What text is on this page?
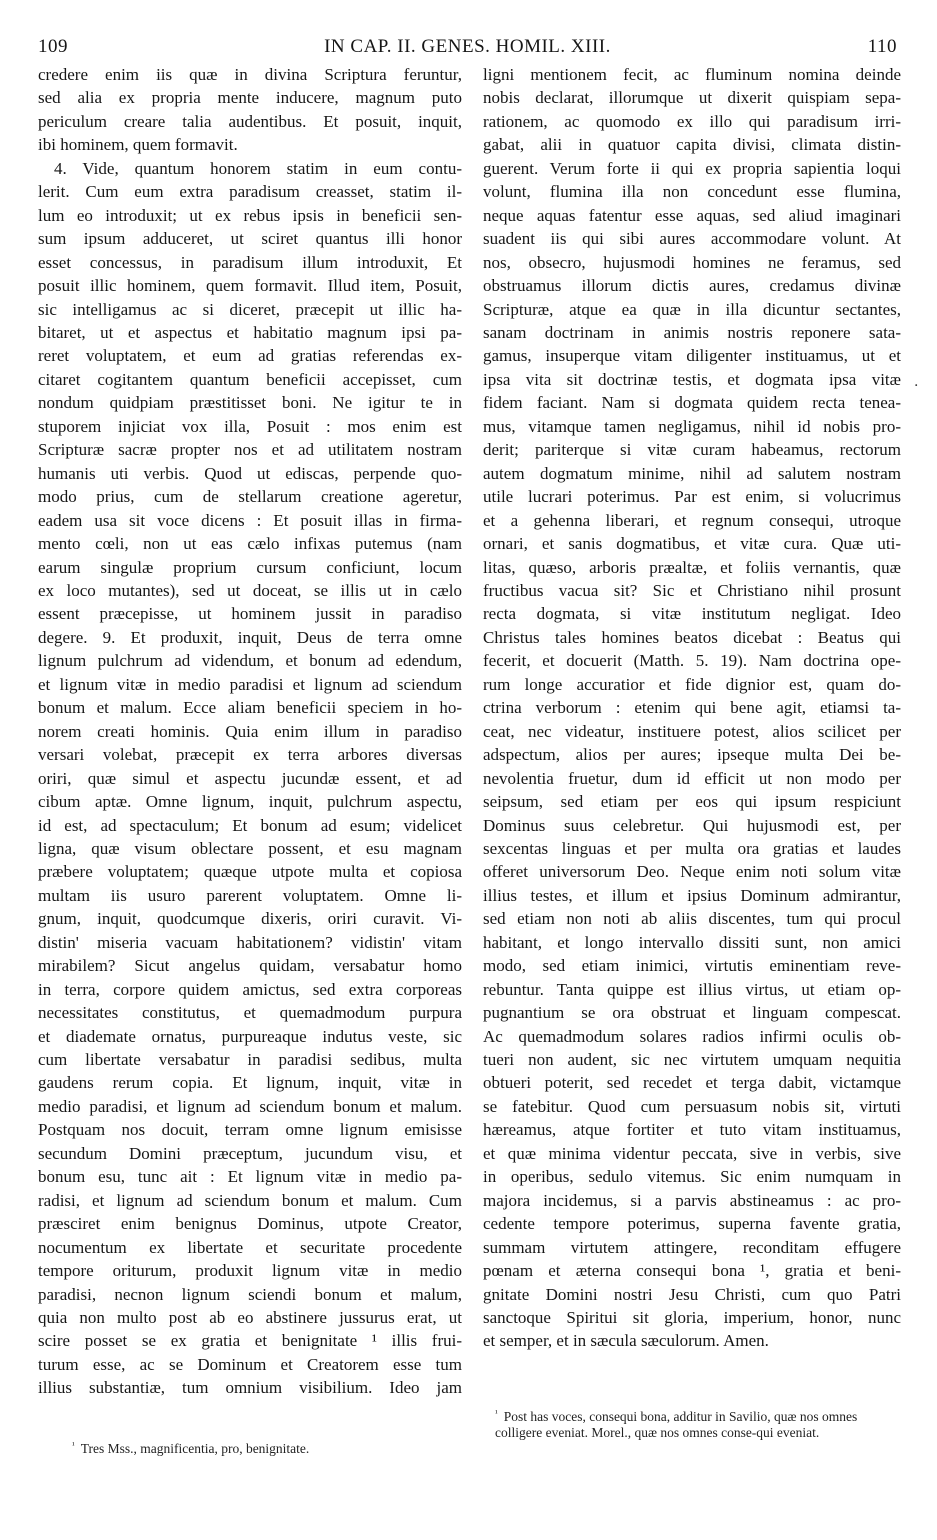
109	IN CAP. II. GENES. HOMIL. XIII.	110
credere enim iis quæ in divina Scriptura feruntur,
sed alia ex propria mente inducere, magnum puto
periculum creare talia audentibus. Et posuit, inquit,
ibi hominem, quem formavit.
4. Vide, quantum honorem statim in eum contu-
lerit. Cum eum extra paradisum creasset, statim il-
lum eo introduxit; ut ex rebus ipsis in beneficii sen-
sum ipsum adduceret, ut sciret quantus illi honor
esset concessus, in paradisum illum introduxit, Et
posuit illic hominem, quem formavit. Illud item, Posuit,
sic intelligamus ac si diceret, præcepit ut illic ha-
bitaret, ut et aspectus et habitatio magnum ipsi pa-
reret voluptatem, et eum ad gratias referendas ex-
citaret cogitantem quantum beneficii accepisset, cum
nondum quidpiam præstitisset boni. Ne igitur te in
stuporem injiciat vox illa, Posuit : mos enim est
Scripturæ sacræ propter nos et ad utilitatem nostram
humanis uti verbis. Quod ut ediscas, perpende quo-
modo prius, cum de stellarum creatione ageretur,
eadem usa sit voce dicens : Et posuit illas in firma-
mento cœli, non ut eas cælo infixas putemus (nam
earum singulæ proprium cursum conficiunt, locum
ex loco mutantes), sed ut doceat, se illis ut in cælo
essent præcepisse, ut hominem jussit in paradiso
degere. 9. Et produxit, inquit, Deus de terra omne
lignum pulchrum ad videndum, et bonum ad edendum,
et lignum vitæ in medio paradisi et lignum ad sciendum
bonum et malum. Ecce aliam beneficii speciem in ho-
norem creati hominis. Quia enim illum in paradiso
versari volebat, præcepit ex terra arbores diversas
oriri, quæ simul et aspectu jucundæ essent, et ad
cibum aptæ. Omne lignum, inquit, pulchrum aspectu,
id est, ad spectaculum; Et bonum ad esum; videlicet
ligna, quæ visum oblectare possent, et esu magnam
præbere voluptatem; quæque utpote multa et copiosa
multam iis usuro parerent voluptatem. Omne li-
gnum, inquit, quodcumque dixeris, oriri curavit. Vi-
distin' miseria vacuam habitationem? vidistin' vitam
mirabilem? Sicut angelus quidam, versabatur homo
in terra, corpore quidem amictus, sed extra corporeas
necessitates constitutus, et quemadmodum purpura
et diademate ornatus, purpureaque indutus veste, sic
cum libertate versabatur in paradisi sedibus, multa
gaudens rerum copia. Et lignum, inquit, vitæ in
medio paradisi, et lignum ad sciendum bonum et malum.
Postquam nos docuit, terram omne lignum emisisse
secundum Domini præceptum, jucundum visu, et
bonum esu, tunc ait : Et lignum vitæ in medio pa-
radisi, et lignum ad sciendum bonum et malum. Cum
præsciret enim benignus Dominus, utpote Creator,
nocumentum ex libertate et securitate procedente
tempore oriturum, produxit lignum vitæ in medio
paradisi, necnon lignum sciendi bonum et malum,
quia non multo post ab eo abstinere jussurus erat, ut
scire posset se ex gratia et benignitate ¹ illis frui-
turum esse, ac se Dominum et Creatorem esse tum
illius substantiæ, tum omnium visibilium. Ideo jam
ligni mentionem fecit, ac fluminum nomina deinde
nobis declarat, illorumque ut dixerit quispiam sepa-
rationem, ac quomodo ex illo qui paradisum irri-
gabat, alii in quatuor capita divisi, climata distin-
guerent. Verum forte ii qui ex propria sapientia loqui
volunt, flumina illa non concedunt esse flumina,
neque aquas fatentur esse aquas, sed aliud imaginari
suadent iis qui sibi aures accommodare volunt. At
nos, obsecro, hujusmodi homines ne feramus, sed
obstruamus illorum dictis aures, credamus divinæ
Scripturæ, atque ea quæ in illa dicuntur sectantes,
sanam doctrinam in animis nostris reponere sata-
gamus, insuperque vitam diligenter instituamus, ut et
ipsa vita sit doctrinæ testis, et dogmata ipsa vitæ
fidem faciant. Nam si dogmata quidem recta tenea-
mus, vitamque tamen negligamus, nihil id nobis pro-
derit; pariterque si vitæ curam habeamus, rectorum
autem dogmatum minime, nihil ad salutem nostram
utile lucrari poterimus. Par est enim, si volucrimus
et a gehenna liberari, et regnum consequi, utroque
ornari, et sanis dogmatibus, et vitæ cura. Quæ uti-
litas, quæso, arboris præaltæ, et foliis vernantis, quæ
fructibus vacua sit? Sic et Christiano nihil prosunt
recta dogmata, si vitæ institutum negligat. Ideo
Christus tales homines beatos dicebat : Beatus qui
fecerit, et docuerit (Matth. 5. 19). Nam doctrina ope-
rum longe accuratior et fide dignior est, quam do-
ctrina verborum : etenim qui bene agit, etiamsi ta-
ceat, nec videatur, instituere potest, alios scilicet per
adspectum, alios per aures; ipseque multa Dei be-
nevolentia fruetur, dum id efficit ut non modo per
seipsum, sed etiam per eos qui ipsum respiciunt
Dominus suus celebretur. Qui hujusmodi est, per
sexcentas linguas et per multa ora gratias et laudes
offeret universorum Deo. Neque enim noti solum vitæ
illius testes, et illum et ipsius Dominum admirantur,
sed etiam non noti ab aliis discentes, tum qui procul
habitant, et longo intervallo dissiti sunt, non amici
modo, sed etiam inimici, virtutis eminentiam reve-
rebuntur. Tanta quippe est illius virtus, ut etiam op-
pugnantium se ora obstruat et linguam compescat.
Ac quemadmodum solares radios infirmi oculis ob-
tueri non audent, sic nec virtutem umquam nequitia
obtueri poterit, sed recedet et terga dabit, victamque
se fatebitur. Quod cum persuasum nobis sit, virtuti
hæreamus, atque fortiter et tuto vitam instituamus,
et quæ minima videntur peccata, sive in verbis, sive
in operibus, sedulo vitemus. Sic enim numquam in
majora incidemus, si a parvis abstineamus : ac pro-
cedente tempore poterimus, superna favente gratia,
summam virtutem attingere, reconditam effugere
pœnam et æterna consequi bona ¹, gratia et beni-
gnitate Domini nostri Jesu Christi, cum quo Patri
sanctoque Spiritui sit gloria, imperium, honor, nunc
et semper, et in sæcula sæculorum. Amen.
$^{^1}$ Tres Mss., magnificentia, pro, benignitate.
$^{^1}$ Post has voces, consequi bona, additur in Savilio, quæ nos omnes colligere eveniat. Morel., quæ nos omnes conse-qui eveniat.
·
